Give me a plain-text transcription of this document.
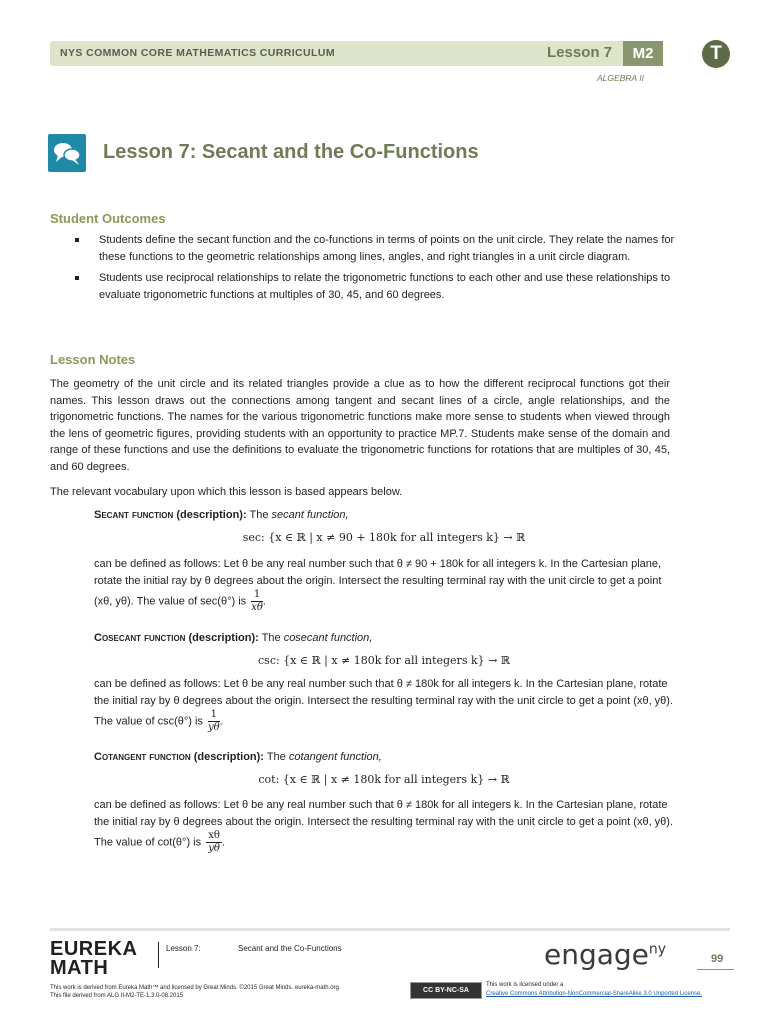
NYS COMMON CORE MATHEMATICS CURRICULUM	Lesson 7	M2
ALGEBRA II
T
Lesson 7: Secant and the Co-Functions
Student Outcomes
Students define the secant function and the co-functions in terms of points on the unit circle. They relate the names for these functions to the geometric relationships among lines, angles, and right triangles in a unit circle diagram.
Students use reciprocal relationships to relate the trigonometric functions to each other and use these relationships to evaluate trigonometric functions at multiples of 30, 45, and 60 degrees.
Lesson Notes
The geometry of the unit circle and its related triangles provide a clue as to how the different reciprocal functions got their names. This lesson draws out the connections among tangent and secant lines of a circle, angle relationships, and the trigonometric functions. The names for the various trigonometric functions make more sense to students when viewed through the lens of geometric figures, providing students with an opportunity to practice MP.7. Students make sense of the domain and range of these functions and use the definitions to evaluate the trigonometric functions for rotations that are multiples of 30, 45, and 60 degrees.
The relevant vocabulary upon which this lesson is based appears below.
Secant function (description): The secant function,
sec: {x ∈ ℝ | x ≠ 90 + 180k for all integers k} → ℝ
can be defined as follows: Let θ be any real number such that θ ≠ 90 + 180k for all integers k. In the Cartesian plane, rotate the initial ray by θ degrees about the origin. Intersect the resulting terminal ray with the unit circle to get a point (xθ, yθ). The value of sec(θ°) is $\frac{1}{x\theta}$ .
Cosecant function (description): The cosecant function,
csc: {x ∈ ℝ | x ≠ 180k for all integers k} → ℝ
can be defined as follows: Let θ be any real number such that θ ≠ 180k for all integers k. In the Cartesian plane, rotate the initial ray by θ degrees about the origin. Intersect the resulting terminal ray with the unit circle to get a point (xθ, yθ). The value of csc(θ°) is $\frac{1}{y\theta}$ .
Cotangent function (description): The cotangent function,
cot: {x ∈ ℝ | x ≠ 180k for all integers k} → ℝ
can be defined as follows: Let θ be any real number such that θ ≠ 180k for all integers k. In the Cartesian plane, rotate the initial ray by θ degrees about the origin. Intersect the resulting terminal ray with the unit circle to get a point (xθ, yθ). The value of cot(θ°) is $\frac{x\theta}{y\theta}$ .
EUREKA
MATH
Lesson 7:	Secant and the Co-Functions	engage$^{ny}$
99
This work is derived from Eureka Math™ and licensed by Great Minds. ©2015 Great Minds. eureka-math.org
This file derived from ALG II-M2-TE-1.3.0-08.2015
CC BY-NC-SA
This work is licensed under a
Creative Commons Attribution-NonCommercial-ShareAlike 3.0 Unported License.
